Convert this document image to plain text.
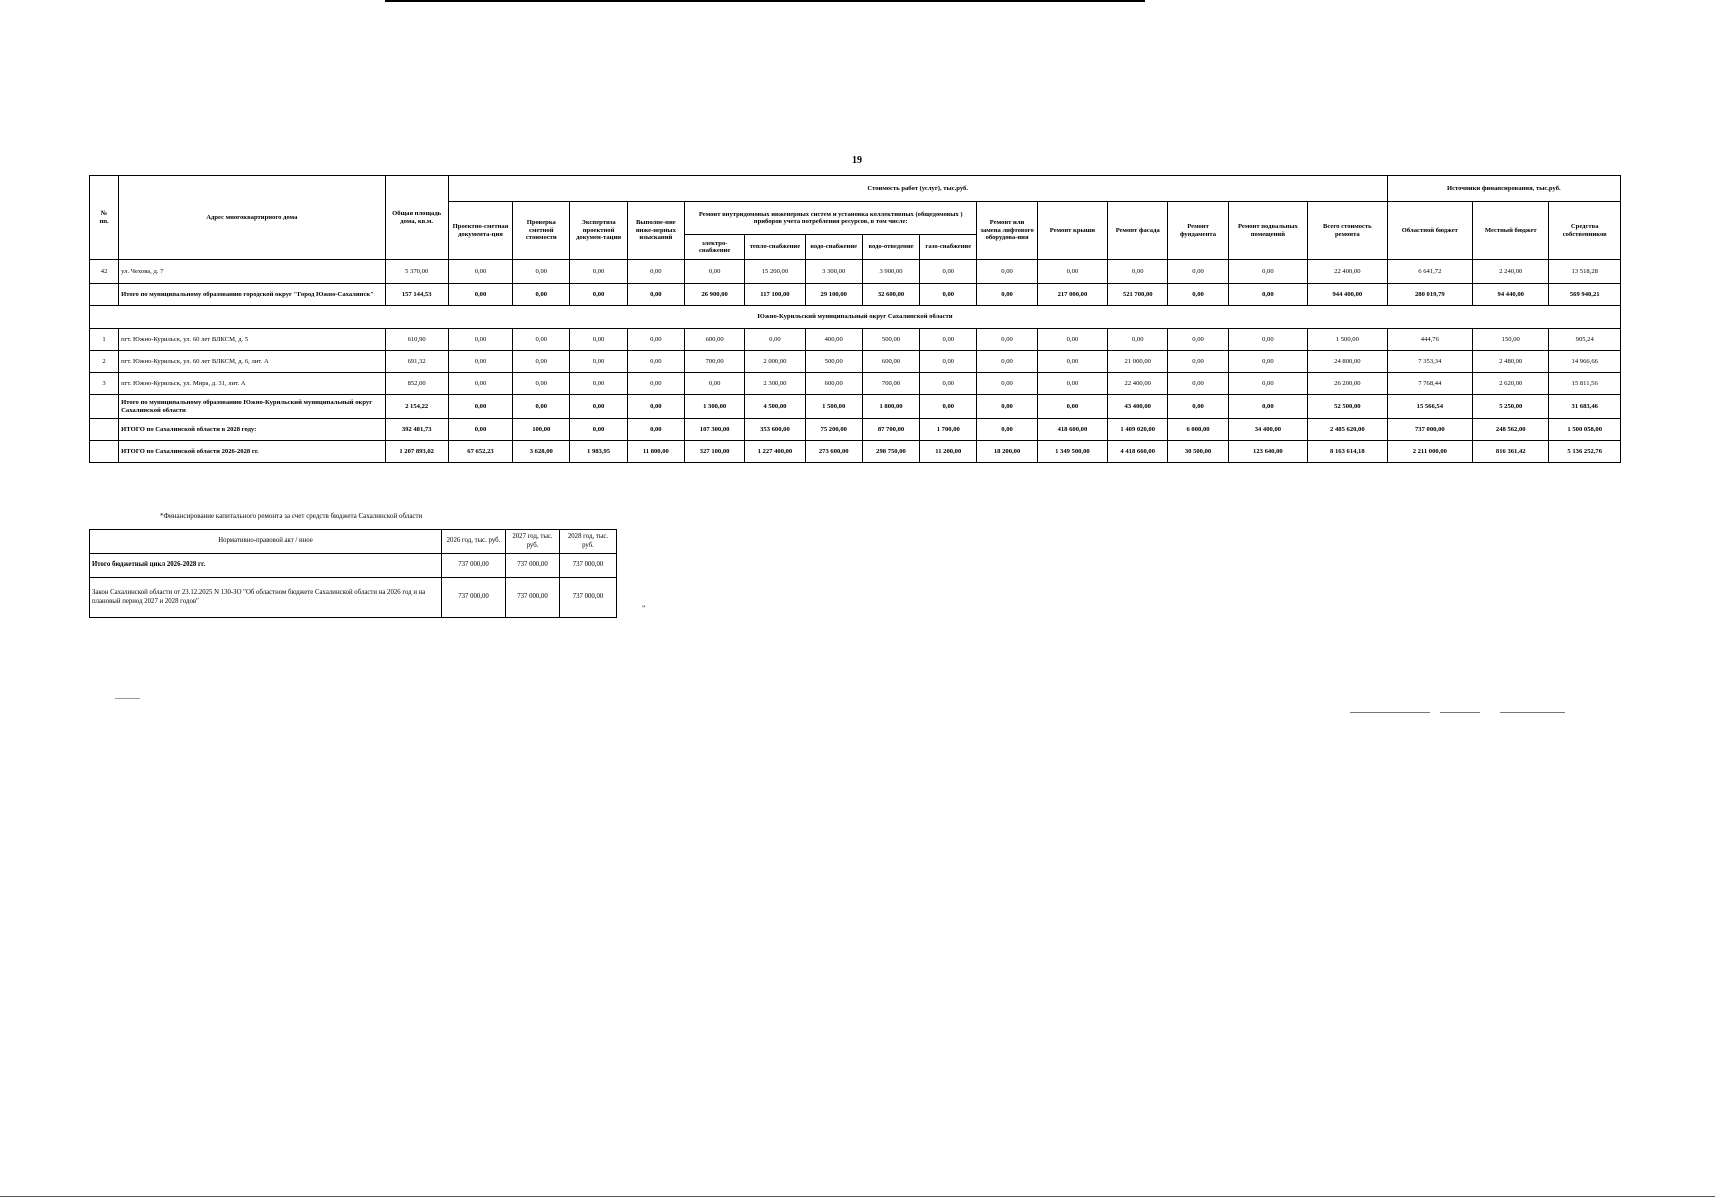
19
№
пп.	Адрес многоквартирного дома	Общая площадь дома, кв.м.	Стоимость работ (услуг), тыс.руб.															Источники финансирования, тыс.руб.		
			Проектно-сметная документа-ция	Проверка сметной стоимости	Экспертиза проектной докумен-тации	Выполне-ние инже-нерных изысканий	Ремонт внутридомовых инженерных систем и установка коллективных (общедомовых ) приборов учета потребления ресурсов, в том числе:					Ремонт или замена лифтового оборудова-ния	Ремонт крыши	Ремонт фасада	Ремонт фундамента	Ремонт подвальных помещений	Всего стоимость ремонта	Областной бюджет	Местный бюджет	Средства собственников
							электро-снабжение	тепло-снабжение	водо-снабжение	водо-отведение	газо-снабжение									
42	ул. Чехова, д. 7	5 370,00	0,00	0,00	0,00	0,00	0,00	15 200,00	3 300,00	3 900,00	0,00	0,00	0,00	0,00	0,00	0,00	22 400,00	6 641,72	2 240,00	13 518,28
	Итого по муниципальному образованию городской округ "Город Южно-Сахалинск"	157 144,53	0,00	0,00	0,00	0,00	26 900,00	117 100,00	29 100,00	32 600,00	0,00	0,00	217 000,00	521 700,00	0,00	0,00	944 400,00	280 019,79	94 440,00	569 940,21
Южно-Курильский муниципальный округ Сахалинской области																				
1	пгт. Южно-Курильск, ул. 60 лет ВЛКСМ, д. 5	610,90	0,00	0,00	0,00	0,00	600,00	0,00	400,00	500,00	0,00	0,00	0,00	0,00	0,00	0,00	1 500,00	444,76	150,00	905,24
2	пгт. Южно-Курильск, ул. 60 лет ВЛКСМ, д. 6, лит. А	691,32	0,00	0,00	0,00	0,00	700,00	2 000,00	500,00	600,00	0,00	0,00	0,00	21 000,00	0,00	0,00	24 800,00	7 353,34	2 480,00	14 966,66
3	пгт. Южно-Курильск, ул. Мира, д. 31, лит. А	852,00	0,00	0,00	0,00	0,00	0,00	2 300,00	600,00	700,00	0,00	0,00	0,00	22 400,00	0,00	0,00	26 200,00	7 768,44	2 620,00	15 811,56
	Итого по муниципальному образованию Южно-Курильский муниципальный округ Сахалинской области	2 154,22	0,00	0,00	0,00	0,00	1 300,00	4 500,00	1 500,00	1 800,00	0,00	0,00	0,00	43 400,00	0,00	0,00	52 500,00	15 566,54	5 250,00	31 683,46
	ИТОГО по Сахалинской области в 2028 году:	392 481,73	0,00	100,00	0,00	0,00	107 300,00	353 600,00	75 200,00	87 700,00	1 700,00	0,00	418 600,00	1 409 020,00	6 000,00	34 400,00	2 485 620,00	737 000,00	248 562,00	1 500 058,00
	ИТОГО по Сахалинской области 2026-2028 гг.	1 207 893,02	67 652,23	3 628,00	1 983,95	11 800,00	327 100,00	1 227 400,00	273 600,00	298 750,00	11 200,00	18 200,00	1 349 500,00	4 418 660,00	30 500,00	123 640,00	8 163 614,18	2 211 000,00	816 361,42	5 136 252,76
*Финансирование капитального ремонта за счет средств бюджета Сахалинской области
Нормативно-правовой акт / иное	2026 год, тыс. руб.	2027 год, тыс. руб.	2028 год, тыс. руб.
Итого бюджетный цикл 2026-2028 гг.	737 000,00	737 000,00	737 000,00
Закон Сахалинской области от 23.12.2025 N 130-ЗО "Об областном бюджете Сахалинской области на 2026 год и на плановый период 2027 и 2028 годов"	737 000,00	737 000,00	737 000,00
"
